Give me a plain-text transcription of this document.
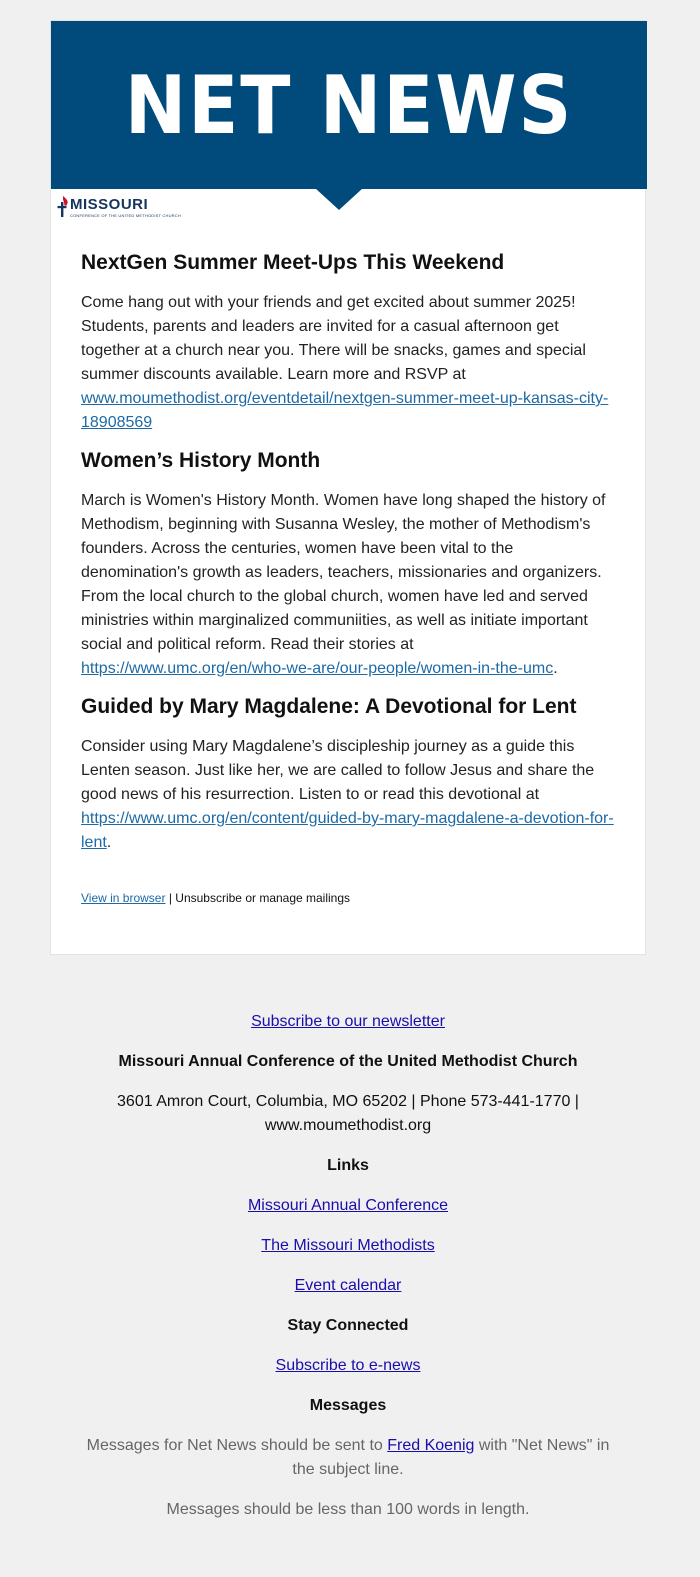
NET NEWS
MISSOURI
CONFERENCE OF THE UNITED METHODIST CHURCH
NextGen Summer Meet-Ups This Weekend

Come hang out with your friends and get excited about summer 2025! Students, parents and leaders are invited for a casual afternoon get together at a church near you. There will be snacks, games and special summer discounts available. Learn more and RSVP at www.moumethodist.org/eventdetail/nextgen-summer-meet-up-kansas-city-18908569

Women’s History Month

March is Women's History Month. Women have long shaped the history of Methodism, beginning with Susanna Wesley, the mother of Methodism's founders. Across the centuries, women have been vital to the denomination's growth as leaders, teachers, missionaries and organizers. From the local church to the global church, women have led and served ministries within marginalized communiities, as well as initiate important social and political reform. Read their stories at https://www.umc.org/en/who-we-are/our-people/women-in-the-umc.

Guided by Mary Magdalene: A Devotional for Lent

Consider using Mary Magdalene’s discipleship journey as a guide this Lenten season. Just like her, we are called to follow Jesus and share the good news of his resurrection. Listen to or read this devotional at https://www.umc.org/en/content/guided-by-mary-magdalene-a-devotion-for-lent.

View in browser | Unsubscribe or manage mailings
Subscribe to our newsletter
Missouri Annual Conference of the United Methodist Church
3601 Amron Court, Columbia, MO 65202 | Phone 573-441-1770 | www.moumethodist.org
Links
Missouri Annual Conference
The Missouri Methodists
Event calendar
Stay Connected
Subscribe to e-news
Messages
Messages for Net News should be sent to Fred Koenig with "Net News" in the subject line.
Messages should be less than 100 words in length.
